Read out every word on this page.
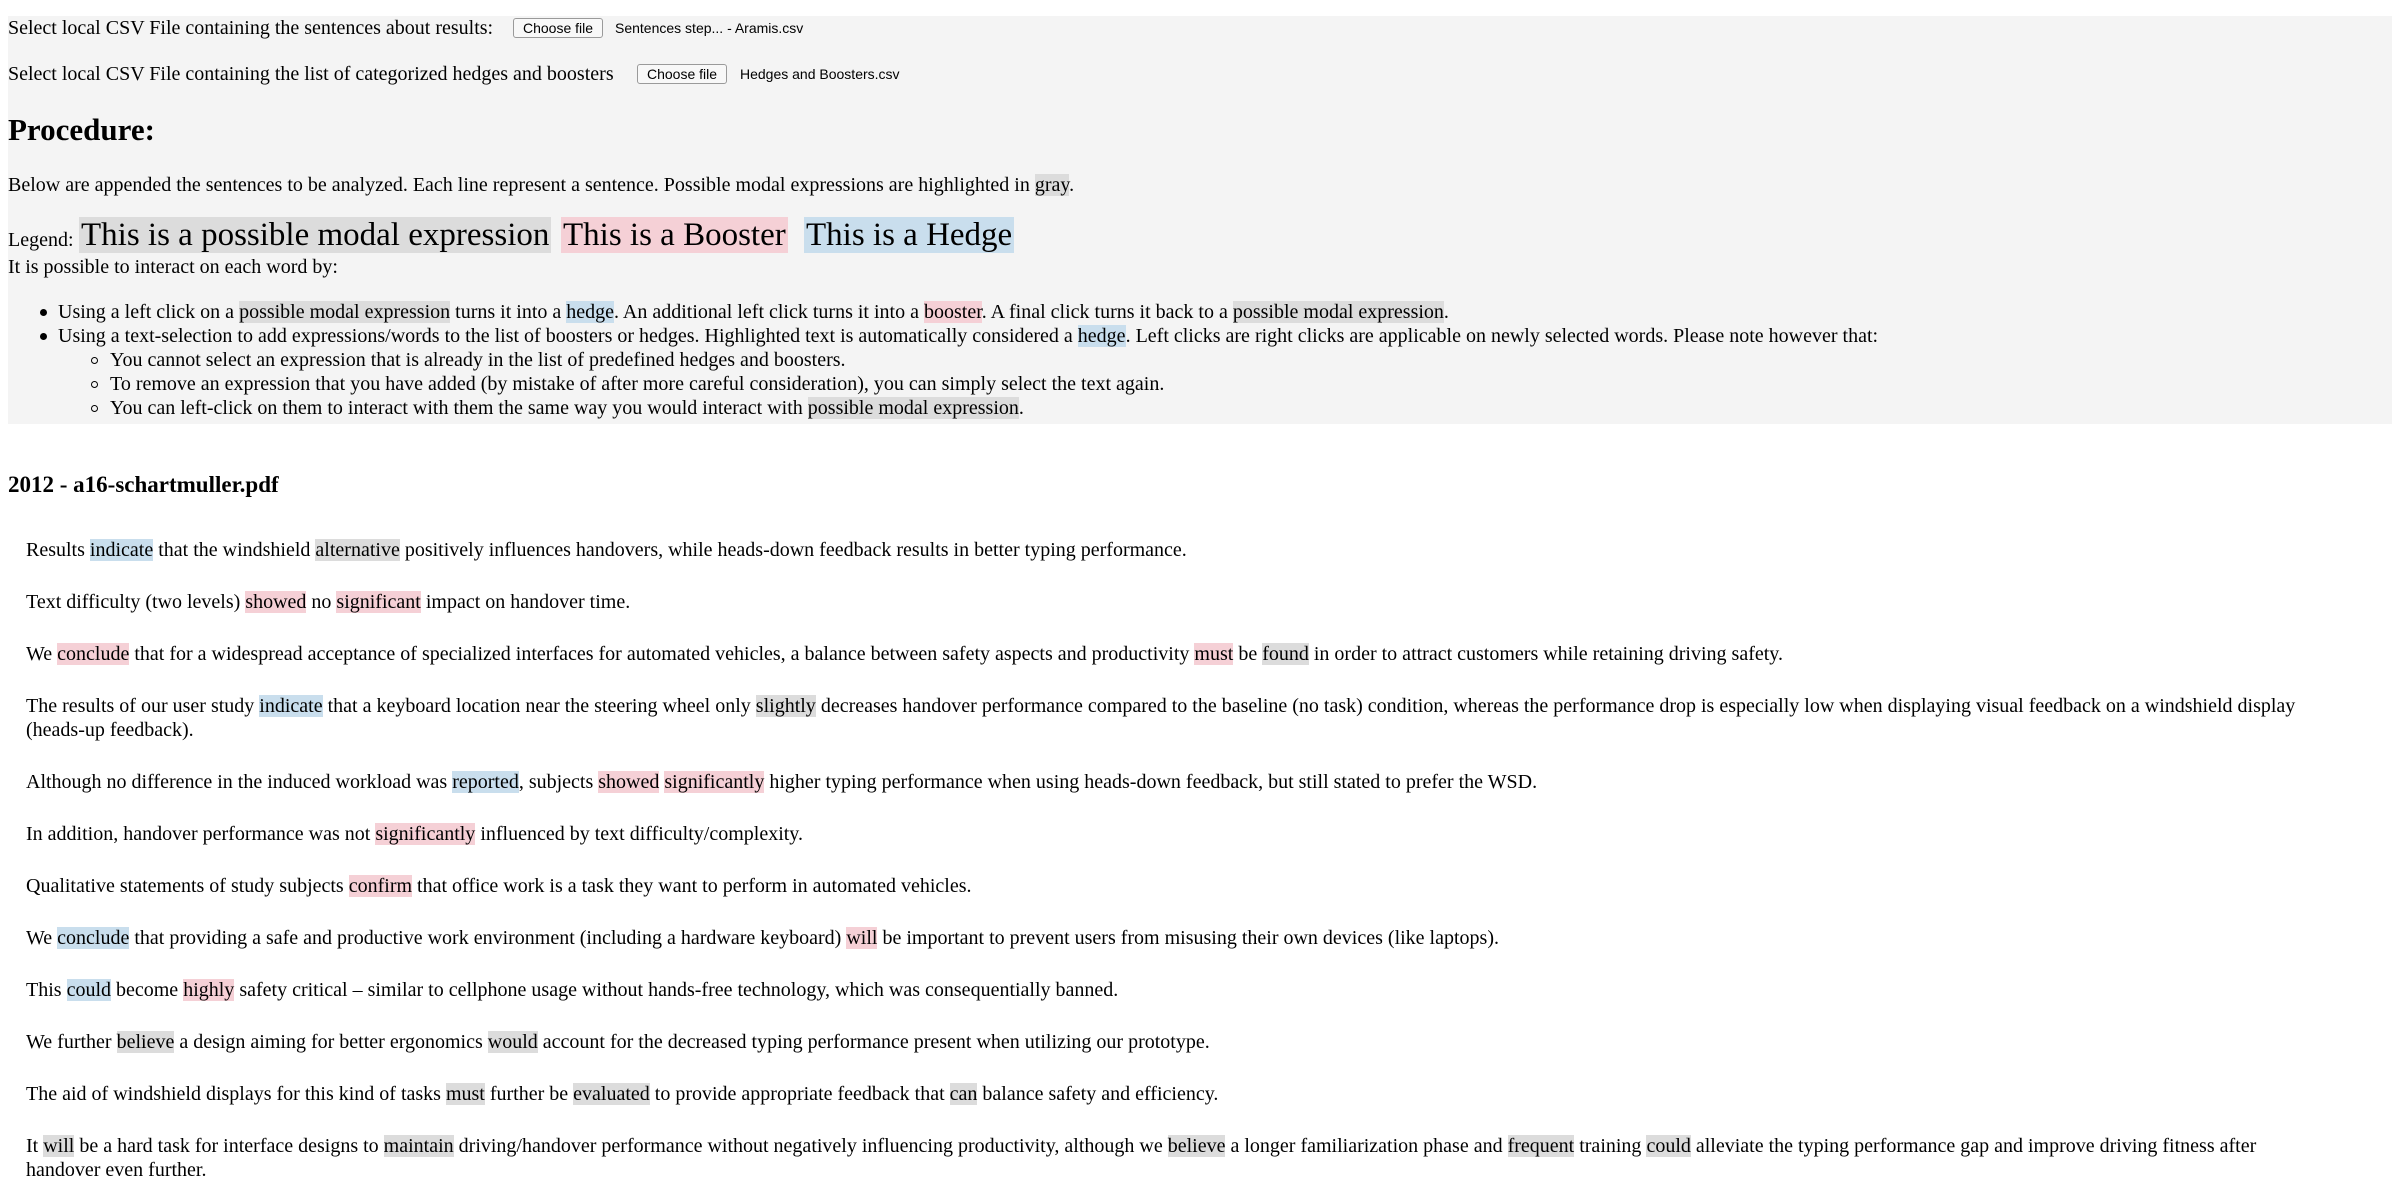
Select local CSV File containing the sentences about results:	Choose file	Sentences step... - Aramis.csv
Select local CSV File containing the list of categorized hedges and boosters	Choose file	Hedges and Boosters.csv
Procedure:
Below are appended the sentences to be analyzed. Each line represent a sentence. Possible modal expressions are highlighted in gray.
Legend: This is a possible modal expression This is a Booster This is a Hedge
It is possible to interact on each word by:
Using a left click on a possible modal expression turns it into a hedge. An additional left click turns it into a booster. A final click turns it back to a possible modal expression.
Using a text-selection to add expressions/words to the list of boosters or hedges. Highlighted text is automatically considered a hedge. Left clicks are right clicks are applicable on newly selected words. Please note however that:
You cannot select an expression that is already in the list of predefined hedges and boosters.
To remove an expression that you have added (by mistake of after more careful consideration), you can simply select the text again.
You can left-click on them to interact with them the same way you would interact with possible modal expression.
2012 - a16-schartmuller.pdf
Results indicate that the windshield alternative positively influences handovers, while heads-down feedback results in better typing performance.
Text difficulty (two levels) showed no significant impact on handover time.
We conclude that for a widespread acceptance of specialized interfaces for automated vehicles, a balance between safety aspects and productivity must be found in order to attract customers while retaining driving safety.
The results of our user study indicate that a keyboard location near the steering wheel only slightly decreases handover performance compared to the baseline (no task) condition, whereas the performance drop is especially low when displaying visual feedback on a windshield display
(heads-up feedback).
Although no difference in the induced workload was reported, subjects showed significantly higher typing performance when using heads-down feedback, but still stated to prefer the WSD.
In addition, handover performance was not significantly influenced by text difficulty/complexity.
Qualitative statements of study subjects confirm that office work is a task they want to perform in automated vehicles.
We conclude that providing a safe and productive work environment (including a hardware keyboard) will be important to prevent users from misusing their own devices (like laptops).
This could become highly safety critical – similar to cellphone usage without hands-free technology, which was consequentially banned.
We further believe a design aiming for better ergonomics would account for the decreased typing performance present when utilizing our prototype.
The aid of windshield displays for this kind of tasks must further be evaluated to provide appropriate feedback that can balance safety and efficiency.
It will be a hard task for interface designs to maintain driving/handover performance without negatively influencing productivity, although we believe a longer familiarization phase and frequent training could alleviate the typing performance gap and improve driving fitness after
handover even further.
